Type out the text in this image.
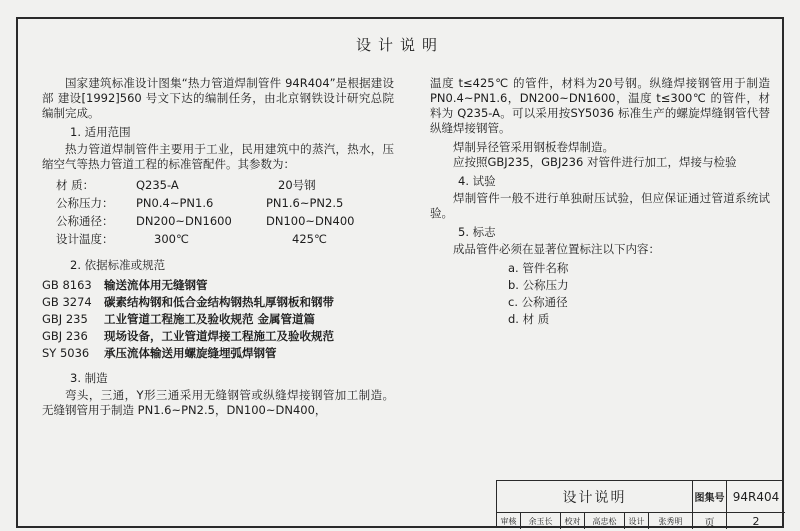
设计说明

国家建筑标准设计图集“热力管道焊制管件 94R404”是根据建设部 建设[1992]560 号文下达的编制任务，由北京钢铁设计研究总院编制完成。

1. 适用范围

热力管道焊制管件主要用于工业，民用建筑中的蒸汽，热水，压缩空气等热力管道工程的标准管配件。其参数为：

材 质：	Q235-A	20号钢
公称压力： PN0.4~PN1.6	PN1.6~PN2.5
公称通径： DN200~DN1600	DN100~DN400
设计温度：	300℃	425℃
2. 依据标准或规范
GB 8163 输送流体用无缝钢管
GB 3274 碳素结构钢和低合金结构钢热轧厚钢板和钢带
GBJ 235 工业管道工程施工及验收规范 金属管道篇
GBJ 236 现场设备，工业管道焊接工程施工及验收规范
SY 5036 承压流体输送用螺旋缝埋弧焊钢管
3. 制造

弯头，三通，Y形三通采用无缝钢管或纵缝焊接钢管加工制造。无缝钢管用于制造 PN1.6~PN2.5，DN100~DN400，

温度 t≤425℃ 的管件，材料为20号钢。纵缝焊接钢管用于制造 PN0.4~PN1.6，DN200~DN1600，温度 t≤300℃ 的管件，材料为 Q235-A。可以采用按SY5036 标准生产的螺旋焊缝钢管代替纵缝焊接钢管。

焊制异径管采用钢板卷焊制造。

应按照GBJ235，GBJ236 对管件进行加工，焊接与检验

4. 试验

焊制管件一般不进行单独耐压试验，但应保证通过管道系统试验。

5. 标志

成品管件必须在显著位置标注以下内容：

a. 管件名称
b. 公称压力
c. 公称通径
d. 材 质
设计说明	图集号 94R404
审核	余玉长	校对	高忠松	设计	张秀明	页	2
